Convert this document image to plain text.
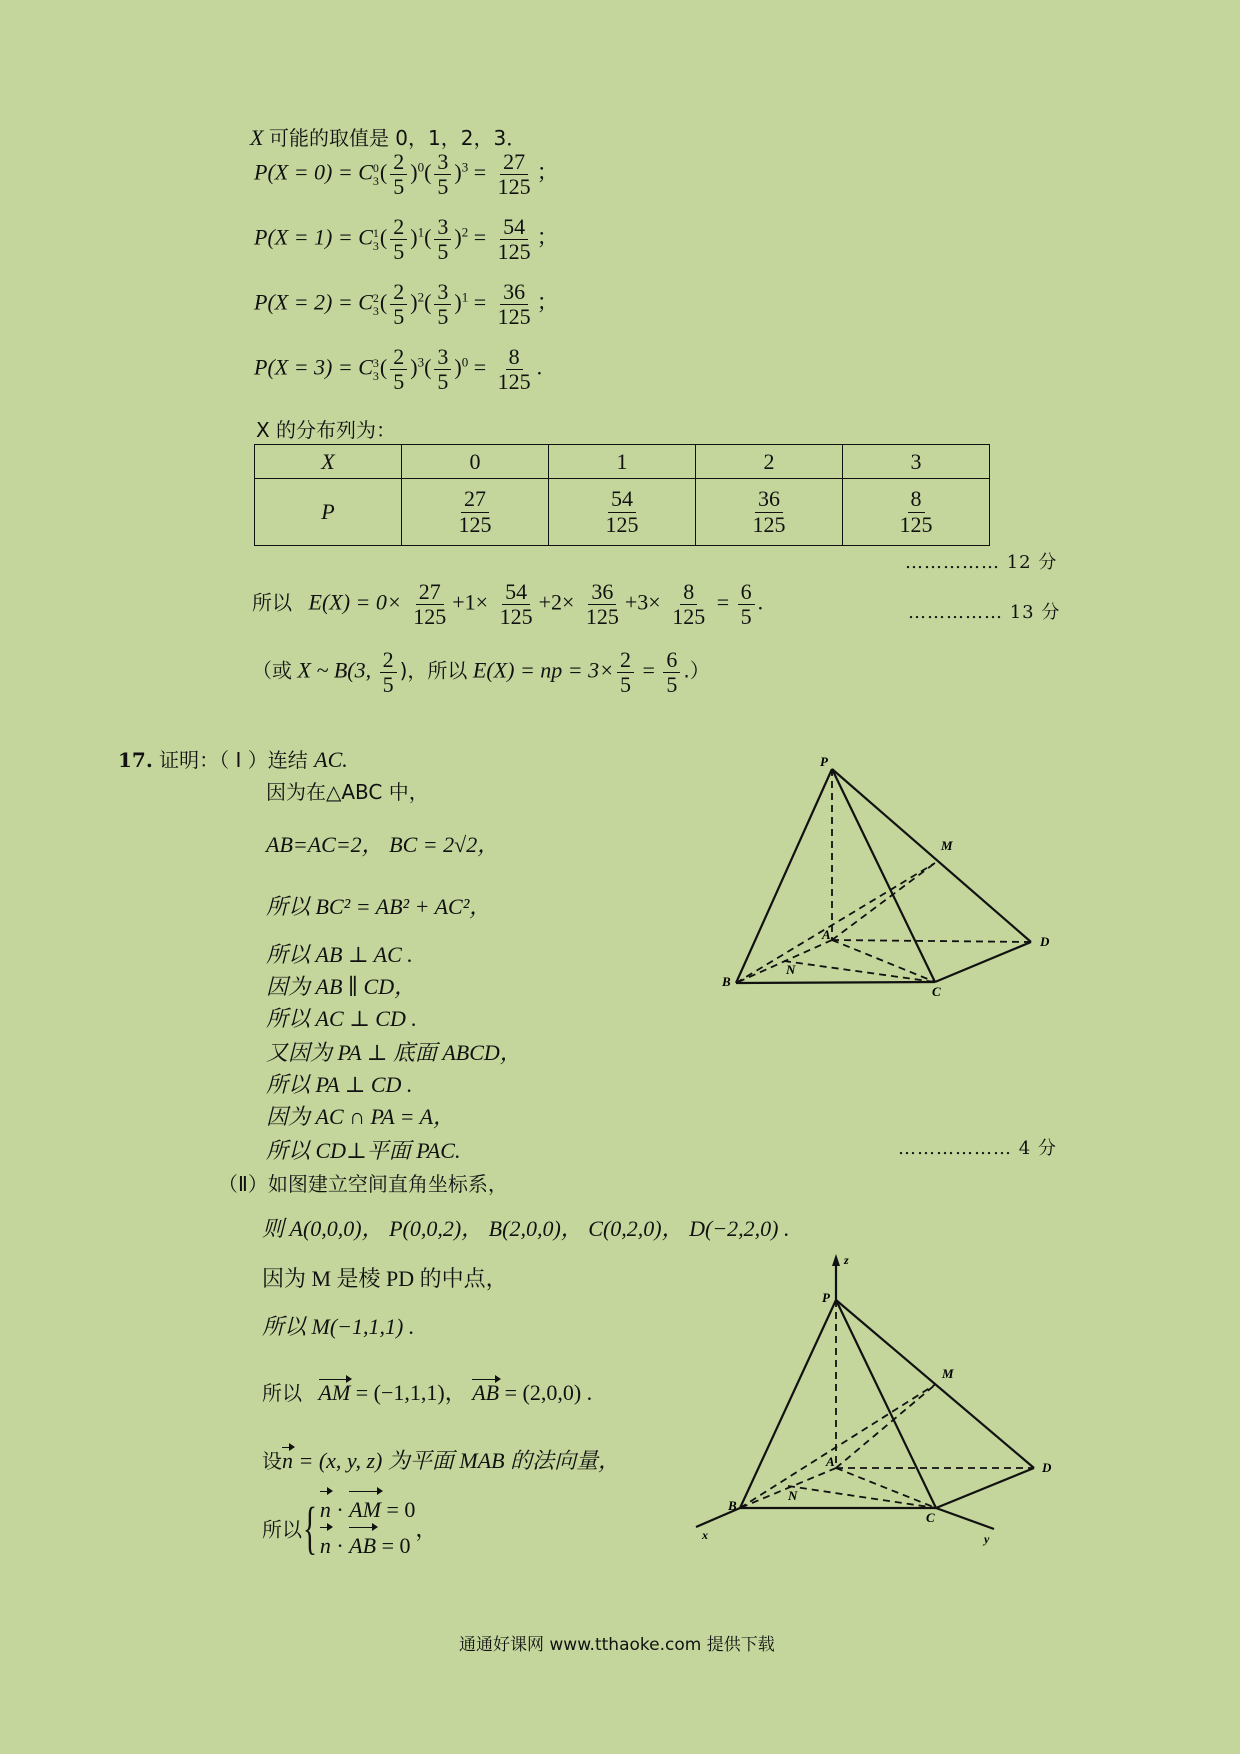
X 可能的取值是 0，1，2，3．
P(X = 0) = C 0
3 ( $\frac{2}{5} )^0( \frac{3}{5} )^3 = \frac{27}{125}$ ；
P(X = 1) = C 1
3 ( $\frac{2}{5} )^1( \frac{3}{5} )^2 = \frac{54}{125}$ ；
P(X = 2) = C 2
3 ( $\frac{2}{5} )^2( \frac{3}{5} )^1 = \frac{36}{125}$ ；
P(X = 3) = C 3
3 ( $\frac{2}{5} )^3( \frac{3}{5} )^0 = \frac{8}{125}$ .
X 的分布列为：
X	0	1	2	3
P	$\frac{27}{125}$	$\frac{54}{125}$	$\frac{36}{125}$	$\frac{8}{125}$
…………… 12 分
所以 $E(X) = 0\times \frac{27}{125} +1\times \frac{54}{125} +2\times \frac{36}{125} +3\times \frac{8}{125} = \frac{6}{5}$ .	…………… 13 分
（或 X ~ B(3, $\frac{2}{5}$ )，所以 E(X) = np = $3\times \frac{2}{5} = \frac{6}{5}$ .）
17. 证明：（ Ⅰ ）连结 AC.
因为在△ABC 中，
AB=AC=2， BC = 2√2，
所以 BC² = AB² + AC²，
所以 AB ⊥ AC .
因为 AB ∥ CD，
所以 AC ⊥ CD .
又因为 PA ⊥ 底面 ABCD，
所以 PA ⊥ CD .
因为 AC ∩ PA = A，
所以 CD⊥平面 PAC.	……………… 4 分
（Ⅱ）如图建立空间直角坐标系，
则 A(0,0,0)， P(0,0,2)， B(2,0,0)， C(0,2,0)， D(−2,2,0) .
因为 M 是棱 PD 的中点，
所以 M(−1,1,1) .
所以 AM = (−1,1,1)， AB = (2,0,0) .
设n = (x, y, z) 为平面 MAB 的法向量，
所以{ n · AM = 0
n · AB = 0
，
P
M
A	D
B
N
C
z
P
M
A	D
B
N
C
x	y
通通好课网 www.tthaoke.com 提供下载
